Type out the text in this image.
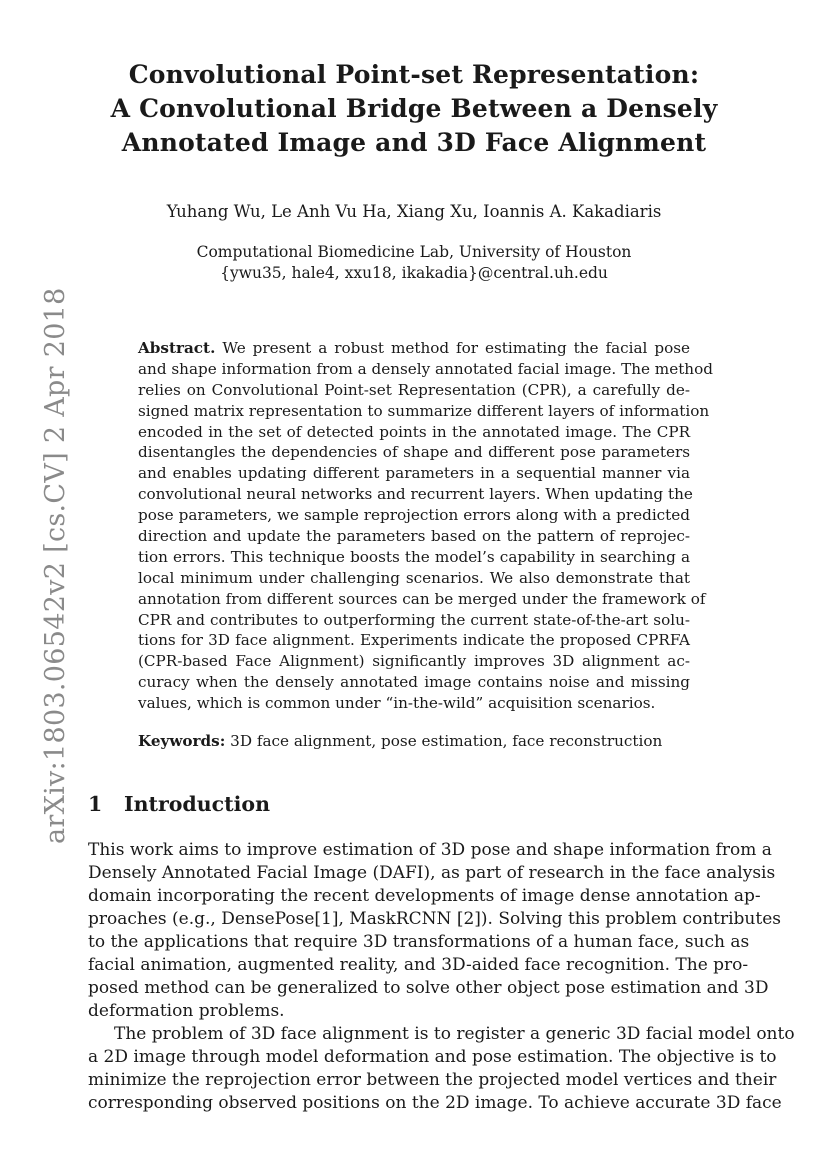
arXiv:1803.06542v2 [cs.CV] 2 Apr 2018
Convolutional Point-set Representation:
A Convolutional Bridge Between a Densely
Annotated Image and 3D Face Alignment
Yuhang Wu, Le Anh Vu Ha, Xiang Xu, Ioannis A. Kakadiaris
Computational Biomedicine Lab, University of Houston
{ywu35, hale4, xxu18, ikakadia}@central.uh.edu
Abstract. We present a robust method for estimating the facial pose
and shape information from a densely annotated facial image. The method
relies on Convolutional Point-set Representation (CPR), a carefully de-
signed matrix representation to summarize different layers of information
encoded in the set of detected points in the annotated image. The CPR
disentangles the dependencies of shape and different pose parameters
and enables updating different parameters in a sequential manner via
convolutional neural networks and recurrent layers. When updating the
pose parameters, we sample reprojection errors along with a predicted
direction and update the parameters based on the pattern of reprojec-
tion errors. This technique boosts the model’s capability in searching a
local minimum under challenging scenarios. We also demonstrate that
annotation from different sources can be merged under the framework of
CPR and contributes to outperforming the current state-of-the-art solu-
tions for 3D face alignment. Experiments indicate the proposed CPRFA
(CPR-based Face Alignment) significantly improves 3D alignment ac-
curacy when the densely annotated image contains noise and missing
values, which is common under “in-the-wild” acquisition scenarios.
Keywords: 3D face alignment, pose estimation, face reconstruction
1 Introduction
This work aims to improve estimation of 3D pose and shape information from a
Densely Annotated Facial Image (DAFI), as part of research in the face analysis
domain incorporating the recent developments of image dense annotation ap-
proaches (e.g., DensePose[1], MaskRCNN [2]). Solving this problem contributes
to the applications that require 3D transformations of a human face, such as
facial animation, augmented reality, and 3D-aided face recognition. The pro-
posed method can be generalized to solve other object pose estimation and 3D
deformation problems.
The problem of 3D face alignment is to register a generic 3D facial model onto
a 2D image through model deformation and pose estimation. The objective is to
minimize the reprojection error between the projected model vertices and their
corresponding observed positions on the 2D image. To achieve accurate 3D face
